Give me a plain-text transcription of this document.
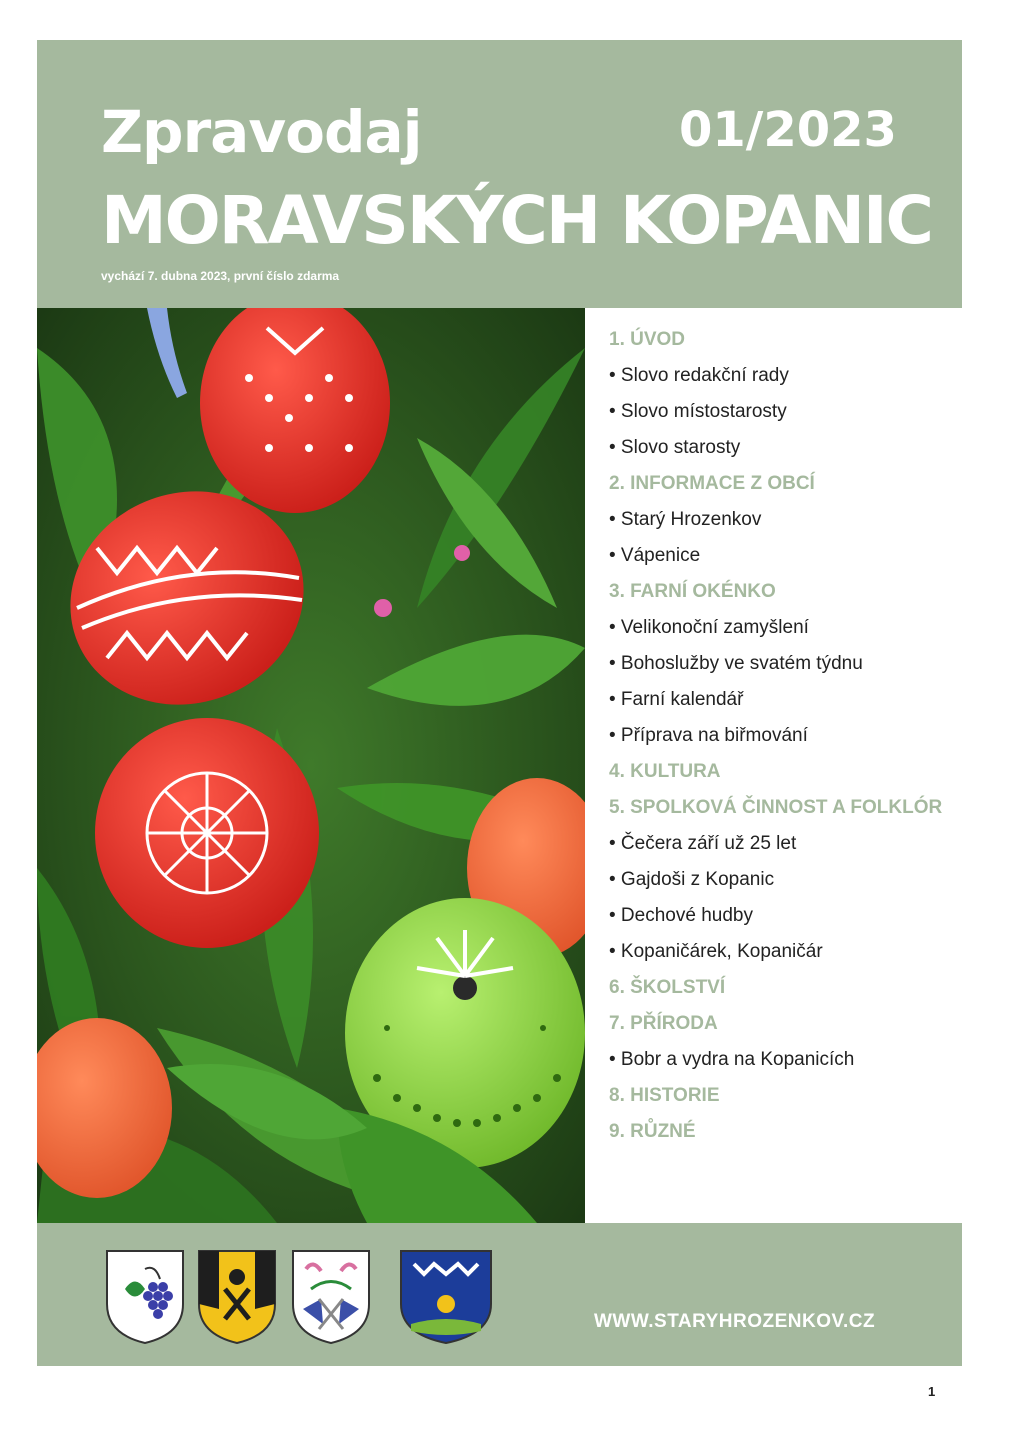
Zpravodaj	01/2023
MORAVSKÝCH KOPANIC
vychází 7. dubna 2023, první číslo zdarma
1. ÚVOD
• Slovo redakční rady
• Slovo místostarosty
• Slovo starosty
2. INFORMACE Z OBCÍ
• Starý Hrozenkov
• Vápenice
3. FARNÍ OKÉNKO
• Velikonoční zamyšlení
• Bohoslužby ve svatém týdnu
• Farní kalendář
• Příprava na biřmování
4. KULTURA
5. SPOLKOVÁ ČINNOST A FOLKLÓR
• Čečera září už 25 let
• Gajdoši z Kopanic
• Dechové hudby
• Kopaničárek, Kopaničár
6. ŠKOLSTVÍ
7. PŘÍRODA
• Bobr a vydra na Kopanicích
8. HISTORIE
9. RŮZNÉ
WWW.STARYHROZENKOV.CZ
1
